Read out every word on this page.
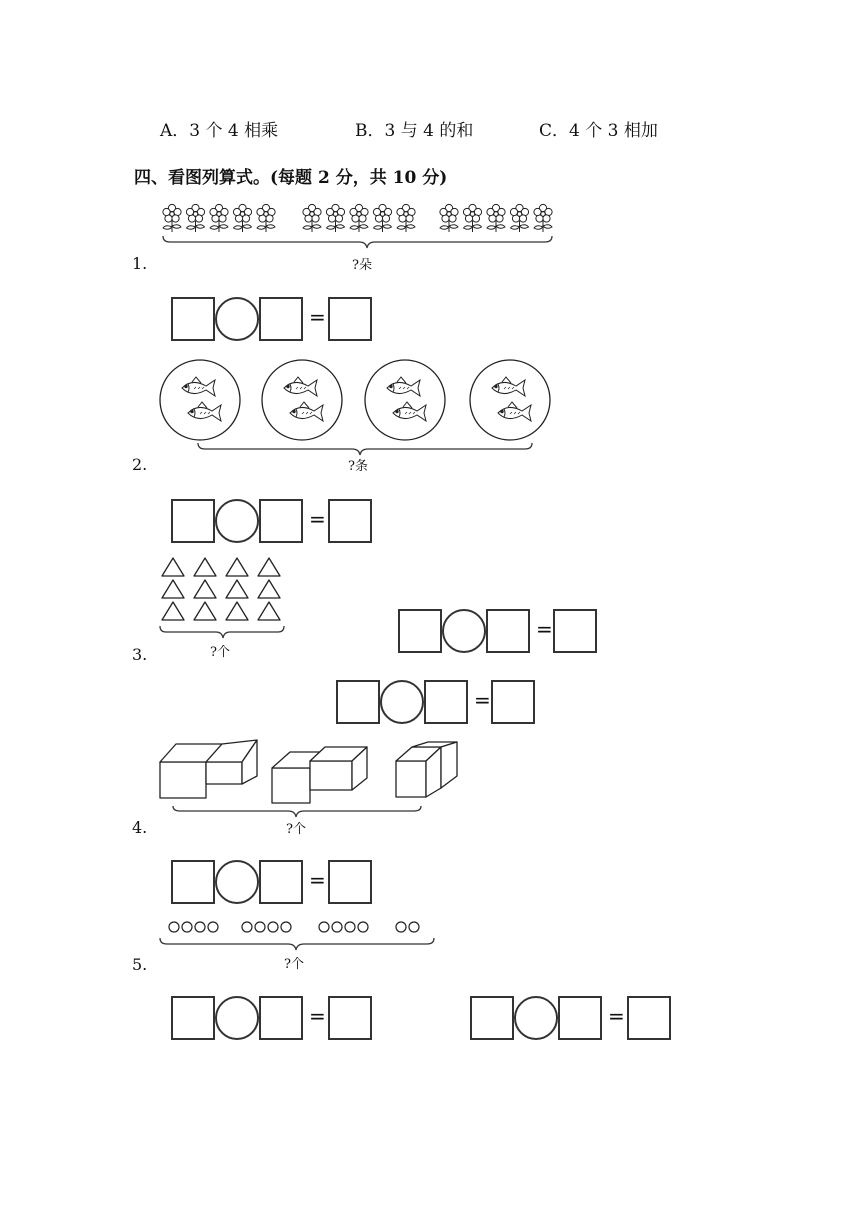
A．3 个 4 相乘	B．3 与 4 的和	C．4 个 3 相加
四、看图列算式。(每题 2 分，共 10 分)
1.	?朵
=
2.	?条
=
3.	?个
=
=
4.	?个
=
5.	?个
=	=
